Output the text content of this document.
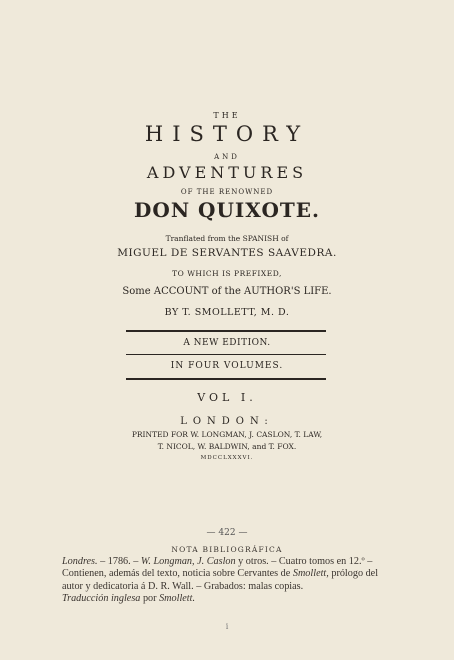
THE
HISTORY
AND
ADVENTURES
OF THE RENOWNED
DON QUIXOTE.
Tranflated from the SPANISH of
MIGUEL DE SERVANTES SAAVEDRA.
TO WHICH IS PREFIXED,
Some ACCOUNT of the AUTHOR'S LIFE.
BY T. SMOLLETT, M. D.
A NEW EDITION.
IN FOUR VOLUMES.
VOL I.
LONDON:
PRINTED FOR W. LONGMAN, J. CASLON, T. LAW,
T. NICOL, W. BALDWIN, and T. FOX.
MDCCLXXXVI.
— 422 —
NOTA BIBLIOGRÁFICA

Londres. – 1786. – W. Longman, J. Caslon y otros. – Cuatro tomos en 12.º –

Contienen, además del texto, noticia sobre Cervantes de Smollett, prólogo del

autor y dedicatoria á D. R. Wall. – Grabados: malas copias.

Traducción inglesa por Smollett.

i
